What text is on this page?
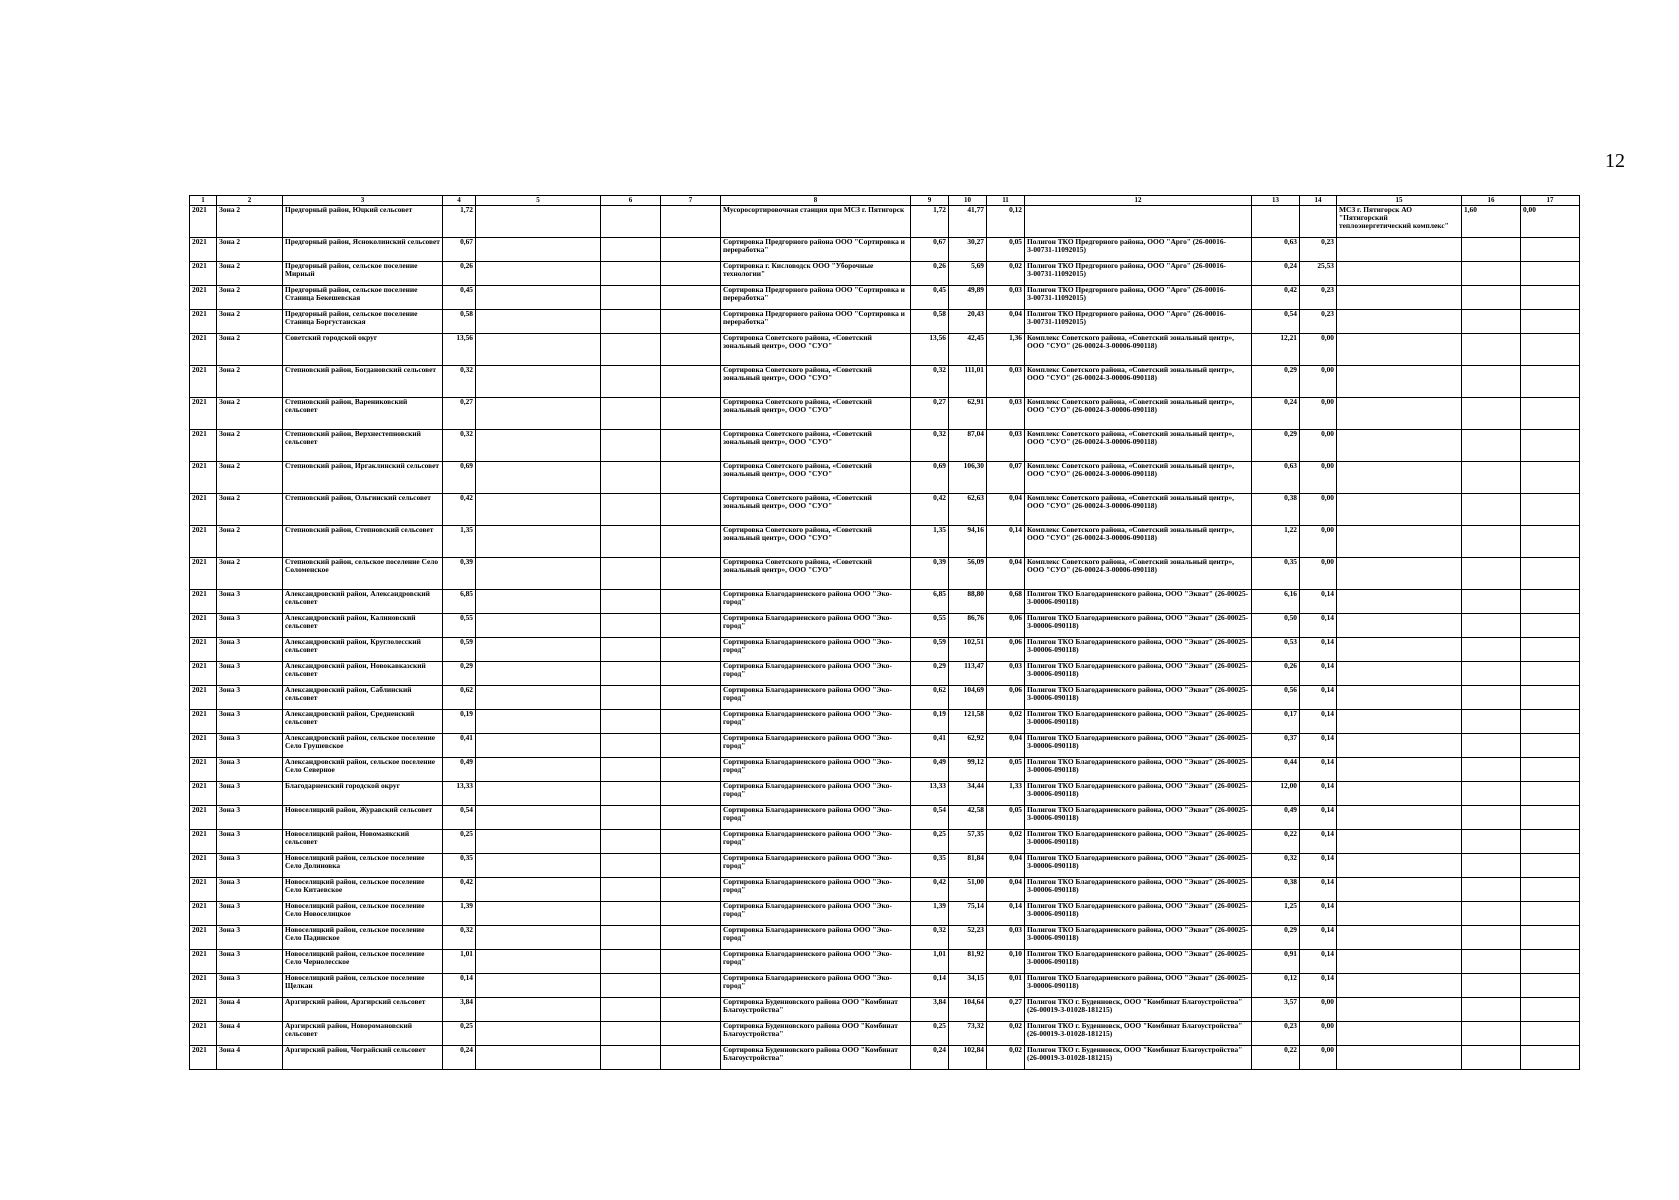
12
1	2	3	4	5	6	7	8	9	10	11	12	13	14	15	16	17
2021	Зона 2	Предгорный район, Юцкий сельсовет	1,72				Мусоросортировочная станция при МСЗ г. Пятигорск	1,72	41,77	0,12				МСЗ г. Пятигорск АО "Пятигорский теплоэнергетический комплекс"	1,60	0,00
2021	Зона 2	Предгорный район, Ясноколинский сельсовет	0,67				Сортировка Предгорного района ООО "Сортировка и переработка"	0,67	30,27	0,05	Полигон ТКО Предгорного района, ООО "Арго" (26-00016-З-00731-11092015)	0,63	0,23			
2021	Зона 2	Предгорный район, сельское поселение Мирный	0,26				Сортировка г. Кисловодск ООО "Уборочные технологии"	0,26	5,69	0,02	Полигон ТКО Предгорного района, ООО "Арго" (26-00016-З-00731-11092015)	0,24	25,53			
2021	Зона 2	Предгорный район, сельское поселение Станица Бекешевская	0,45				Сортировка Предгорного района ООО "Сортировка и переработка"	0,45	49,89	0,03	Полигон ТКО Предгорного района, ООО "Арго" (26-00016-З-00731-11092015)	0,42	0,23			
2021	Зона 2	Предгорный район, сельское поселение Станица Боргустанская	0,58				Сортировка Предгорного района ООО "Сортировка и переработка"	0,58	20,43	0,04	Полигон ТКО Предгорного района, ООО "Арго" (26-00016-З-00731-11092015)	0,54	0,23			
2021	Зона 2	Советский городской округ	13,56				Сортировка Советского района, «Советский зональный центр», ООО "СУО"	13,56	42,45	1,36	Комплекс Советского района, «Советский зональный центр», ООО "СУО" (26-00024-З-00006-090118)	12,21	0,00			
2021	Зона 2	Степновский район, Богдановский сельсовет	0,32				Сортировка Советского района, «Советский зональный центр», ООО "СУО"	0,32	111,01	0,03	Комплекс Советского района, «Советский зональный центр», ООО "СУО" (26-00024-З-00006-090118)	0,29	0,00			
2021	Зона 2	Степновский район, Варениковский сельсовет	0,27				Сортировка Советского района, «Советский зональный центр», ООО "СУО"	0,27	62,91	0,03	Комплекс Советского района, «Советский зональный центр», ООО "СУО" (26-00024-З-00006-090118)	0,24	0,00			
2021	Зона 2	Степновский район, Верхнестепновский сельсовет	0,32				Сортировка Советского района, «Советский зональный центр», ООО "СУО"	0,32	87,04	0,03	Комплекс Советского района, «Советский зональный центр», ООО "СУО" (26-00024-З-00006-090118)	0,29	0,00			
2021	Зона 2	Степновский район, Иргаклинский сельсовет	0,69				Сортировка Советского района, «Советский зональный центр», ООО "СУО"	0,69	106,30	0,07	Комплекс Советского района, «Советский зональный центр», ООО "СУО" (26-00024-З-00006-090118)	0,63	0,00			
2021	Зона 2	Степновский район, Ольгинский сельсовет	0,42				Сортировка Советского района, «Советский зональный центр», ООО "СУО"	0,42	62,63	0,04	Комплекс Советского района, «Советский зональный центр», ООО "СУО" (26-00024-З-00006-090118)	0,38	0,00			
2021	Зона 2	Степновский район, Степновский сельсовет	1,35				Сортировка Советского района, «Советский зональный центр», ООО "СУО"	1,35	94,16	0,14	Комплекс Советского района, «Советский зональный центр», ООО "СУО" (26-00024-З-00006-090118)	1,22	0,00			
2021	Зона 2	Степновский район, сельское поселение Село Соломенское	0,39				Сортировка Советского района, «Советский зональный центр», ООО "СУО"	0,39	56,09	0,04	Комплекс Советского района, «Советский зональный центр», ООО "СУО" (26-00024-З-00006-090118)	0,35	0,00			
2021	Зона 3	Александровский район, Александровский сельсовет	6,85				Сортировка Благодарненского района ООО "Эко-город"	6,85	88,80	0,68	Полигон ТКО Благодарненского района, ООО "Экват" (26-00025-З-00006-090118)	6,16	0,14			
2021	Зона 3	Александровский район, Калиновский сельсовет	0,55				Сортировка Благодарненского района ООО "Эко-город"	0,55	86,76	0,06	Полигон ТКО Благодарненского района, ООО "Экват" (26-00025-З-00006-090118)	0,50	0,14			
2021	Зона 3	Александровский район, Круглолесский сельсовет	0,59				Сортировка Благодарненского района ООО "Эко-город"	0,59	102,51	0,06	Полигон ТКО Благодарненского района, ООО "Экват" (26-00025-З-00006-090118)	0,53	0,14			
2021	Зона 3	Александровский район, Новокавказский сельсовет	0,29				Сортировка Благодарненского района ООО "Эко-город"	0,29	113,47	0,03	Полигон ТКО Благодарненского района, ООО "Экват" (26-00025-З-00006-090118)	0,26	0,14			
2021	Зона 3	Александровский район, Саблинский сельсовет	0,62				Сортировка Благодарненского района ООО "Эко-город"	0,62	104,69	0,06	Полигон ТКО Благодарненского района, ООО "Экват" (26-00025-З-00006-090118)	0,56	0,14			
2021	Зона 3	Александровский район, Средненский сельсовет	0,19				Сортировка Благодарненского района ООО "Эко-город"	0,19	121,58	0,02	Полигон ТКО Благодарненского района, ООО "Экват" (26-00025-З-00006-090118)	0,17	0,14			
2021	Зона 3	Александровский район, сельское поселение Село Грушевское	0,41				Сортировка Благодарненского района ООО "Эко-город"	0,41	62,92	0,04	Полигон ТКО Благодарненского района, ООО "Экват" (26-00025-З-00006-090118)	0,37	0,14			
2021	Зона 3	Александровский район, сельское поселение Село Северное	0,49				Сортировка Благодарненского района ООО "Эко-город"	0,49	99,12	0,05	Полигон ТКО Благодарненского района, ООО "Экват" (26-00025-З-00006-090118)	0,44	0,14			
2021	Зона 3	Благодарненский городской округ	13,33				Сортировка Благодарненского района ООО "Эко-город"	13,33	34,44	1,33	Полигон ТКО Благодарненского района, ООО "Экват" (26-00025-З-00006-090118)	12,00	0,14			
2021	Зона 3	Новоселицкий район, Журавский сельсовет	0,54				Сортировка Благодарненского района ООО "Эко-город"	0,54	42,58	0,05	Полигон ТКО Благодарненского района, ООО "Экват" (26-00025-З-00006-090118)	0,49	0,14			
2021	Зона 3	Новоселицкий район, Новомаякский сельсовет	0,25				Сортировка Благодарненского района ООО "Эко-город"	0,25	57,35	0,02	Полигон ТКО Благодарненского района, ООО "Экват" (26-00025-З-00006-090118)	0,22	0,14			
2021	Зона 3	Новоселицкий район, сельское поселение Село Долиновка	0,35				Сортировка Благодарненского района ООО "Эко-город"	0,35	81,84	0,04	Полигон ТКО Благодарненского района, ООО "Экват" (26-00025-З-00006-090118)	0,32	0,14			
2021	Зона 3	Новоселицкий район, сельское поселение Село Китаевское	0,42				Сортировка Благодарненского района ООО "Эко-город"	0,42	51,00	0,04	Полигон ТКО Благодарненского района, ООО "Экват" (26-00025-З-00006-090118)	0,38	0,14			
2021	Зона 3	Новоселицкий район, сельское поселение Село Новоселицкое	1,39				Сортировка Благодарненского района ООО "Эко-город"	1,39	75,14	0,14	Полигон ТКО Благодарненского района, ООО "Экват" (26-00025-З-00006-090118)	1,25	0,14			
2021	Зона 3	Новоселицкий район, сельское поселение Село Падинское	0,32				Сортировка Благодарненского района ООО "Эко-город"	0,32	52,23	0,03	Полигон ТКО Благодарненского района, ООО "Экват" (26-00025-З-00006-090118)	0,29	0,14			
2021	Зона 3	Новоселицкий район, сельское поселение Село Чернолесское	1,01				Сортировка Благодарненского района ООО "Эко-город"	1,01	81,92	0,10	Полигон ТКО Благодарненского района, ООО "Экват" (26-00025-З-00006-090118)	0,91	0,14			
2021	Зона 3	Новоселицкий район, сельское поселение Щелкан	0,14				Сортировка Благодарненского района ООО "Эко-город"	0,14	34,15	0,01	Полигон ТКО Благодарненского района, ООО "Экват" (26-00025-З-00006-090118)	0,12	0,14			
2021	Зона 4	Арзгирский район, Арзгирский сельсовет	3,84				Сортировка Буденновского района ООО "Комбинат Благоустройства"	3,84	104,64	0,27	Полигон ТКО г. Буденновск, ООО "Комбинат Благоустройства" (26-00019-З-01028-181215)	3,57	0,00			
2021	Зона 4	Арзгирский район, Новоромановский сельсовет	0,25				Сортировка Буденновского района ООО "Комбинат Благоустройства"	0,25	73,32	0,02	Полигон ТКО г. Буденновск, ООО "Комбинат Благоустройства" (26-00019-З-01028-181215)	0,23	0,00			
2021	Зона 4	Арзгирский район, Чограйский сельсовет	0,24				Сортировка Буденновского района ООО "Комбинат Благоустройства"	0,24	102,84	0,02	Полигон ТКО г. Буденновск, ООО "Комбинат Благоустройства" (26-00019-З-01028-181215)	0,22	0,00			
